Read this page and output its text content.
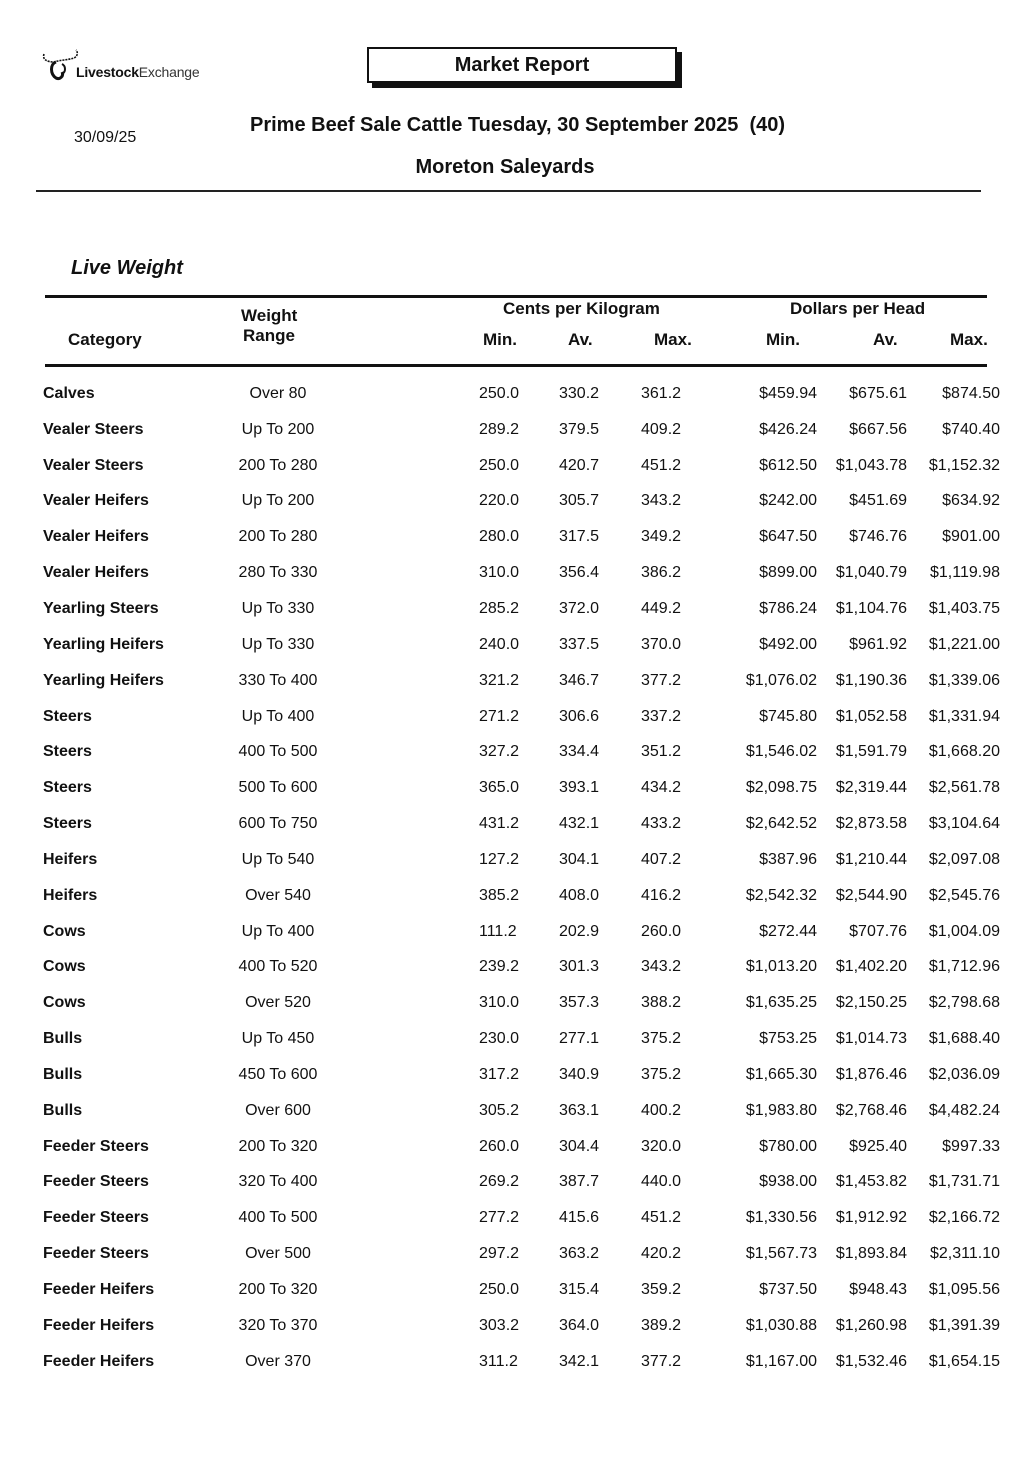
LivestockExchange	Market Report
30/09/25
Prime Beef Sale Cattle Tuesday, 30 September 2025  (40)
Moreton Saleyards
Live Weight
Category
Weight
Range
Cents per Kilogram	Dollars per Head
Min.	Av.	Max.	Min.	Av.	Max.
Calves	Over 80		250.0	330.2	361.2	$459.94	$675.61	$874.50
Vealer Steers	Up To 200		289.2	379.5	409.2	$426.24	$667.56	$740.40
Vealer Steers	200 To 280		250.0	420.7	451.2	$612.50	$1,043.78	$1,152.32
Vealer Heifers	Up To 200		220.0	305.7	343.2	$242.00	$451.69	$634.92
Vealer Heifers	200 To 280		280.0	317.5	349.2	$647.50	$746.76	$901.00
Vealer Heifers	280 To 330		310.0	356.4	386.2	$899.00	$1,040.79	$1,119.98
Yearling Steers	Up To 330		285.2	372.0	449.2	$786.24	$1,104.76	$1,403.75
Yearling Heifers	Up To 330		240.0	337.5	370.0	$492.00	$961.92	$1,221.00
Yearling Heifers	330 To 400		321.2	346.7	377.2	$1,076.02	$1,190.36	$1,339.06
Steers	Up To 400		271.2	306.6	337.2	$745.80	$1,052.58	$1,331.94
Steers	400 To 500		327.2	334.4	351.2	$1,546.02	$1,591.79	$1,668.20
Steers	500 To 600		365.0	393.1	434.2	$2,098.75	$2,319.44	$2,561.78
Steers	600 To 750		431.2	432.1	433.2	$2,642.52	$2,873.58	$3,104.64
Heifers	Up To 540		127.2	304.1	407.2	$387.96	$1,210.44	$2,097.08
Heifers	Over 540		385.2	408.0	416.2	$2,542.32	$2,544.90	$2,545.76
Cows	Up To 400		111.2	202.9	260.0	$272.44	$707.76	$1,004.09
Cows	400 To 520		239.2	301.3	343.2	$1,013.20	$1,402.20	$1,712.96
Cows	Over 520		310.0	357.3	388.2	$1,635.25	$2,150.25	$2,798.68
Bulls	Up To 450		230.0	277.1	375.2	$753.25	$1,014.73	$1,688.40
Bulls	450 To 600		317.2	340.9	375.2	$1,665.30	$1,876.46	$2,036.09
Bulls	Over 600		305.2	363.1	400.2	$1,983.80	$2,768.46	$4,482.24
Feeder Steers	200 To 320		260.0	304.4	320.0	$780.00	$925.40	$997.33
Feeder Steers	320 To 400		269.2	387.7	440.0	$938.00	$1,453.82	$1,731.71
Feeder Steers	400 To 500		277.2	415.6	451.2	$1,330.56	$1,912.92	$2,166.72
Feeder Steers	Over 500		297.2	363.2	420.2	$1,567.73	$1,893.84	$2,311.10
Feeder Heifers	200 To 320		250.0	315.4	359.2	$737.50	$948.43	$1,095.56
Feeder Heifers	320 To 370		303.2	364.0	389.2	$1,030.88	$1,260.98	$1,391.39
Feeder Heifers	Over 370		311.2	342.1	377.2	$1,167.00	$1,532.46	$1,654.15
